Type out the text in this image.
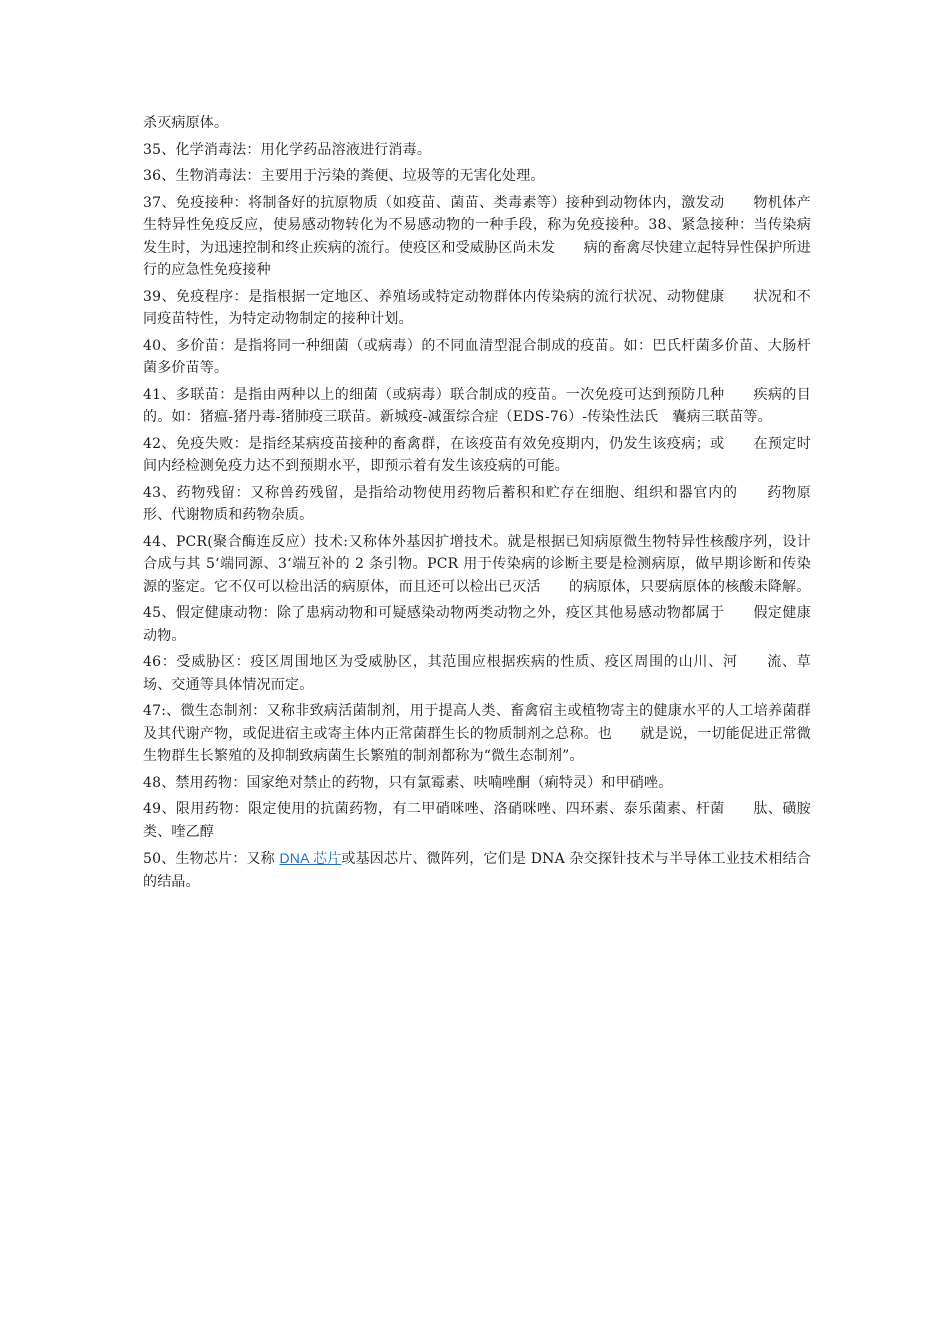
杀灭病原体。

35、化学消毒法：用化学药品溶液进行消毒。

36、生物消毒法：主要用于污染的粪便、垃圾等的无害化处理。

37、免疫接种：将制备好的抗原物质（如疫苗、菌苗、类毒素等）接种到动物体内，激发动　　物机体产生特异性免疫反应，使易感动物转化为不易感动物的一种手段，称为免疫接种。38、紧急接种：当传染病发生时，为迅速控制和终止疾病的流行。使疫区和受威胁区尚未发　　病的畜禽尽快建立起特异性保护所进行的应急性免疫接种

39、免疫程序：是指根据一定地区、养殖场或特定动物群体内传染病的流行状况、动物健康　　状况和不同疫苗特性，为特定动物制定的接种计划。

40、多价苗：是指将同一种细菌（或病毒）的不同血清型混合制成的疫苗。如：巴氏杆菌多价苗、大肠杆菌多价苗等。

41、多联苗：是指由两种以上的细菌（或病毒）联合制成的疫苗。一次免疫可达到预防几种　　疾病的目的。如：猪瘟-猪丹毒-猪肺疫三联苗。新城疫-减蛋综合症（EDS-76）-传染性法氏　囊病三联苗等。

42、免疫失败：是指经某病疫苗接种的畜禽群，在该疫苗有效免疫期内，仍发生该疫病；或　　在预定时间内经检测免疫力达不到预期水平，即预示着有发生该疫病的可能。

43、药物残留：又称兽药残留，是指给动物使用药物后蓄积和贮存在细胞、组织和器官内的　　药物原形、代谢物质和药物杂质。

44、PCR(聚合酶连反应）技术:又称体外基因扩增技术。就是根据已知病原微生物特异性核酸序列，设计合成与其 5‘端同源、3‘端互补的 2 条引物。PCR 用于传染病的诊断主要是检测病原，做早期诊断和传染源的鉴定。它不仅可以检出活的病原体，而且还可以检出已灭活　　的病原体，只要病原体的核酸未降解。

45、假定健康动物：除了患病动物和可疑感染动物两类动物之外，疫区其他易感动物都属于　　假定健康动物。

46：受威胁区：疫区周围地区为受威胁区，其范围应根据疾病的性质、疫区周围的山川、河　　流、草场、交通等具体情况而定。

47:、微生态制剂：又称非致病活菌制剂，用于提高人类、畜禽宿主或植物寄主的健康水平的人工培养菌群及其代谢产物，或促进宿主或寄主体内正常菌群生长的物质制剂之总称。也　　就是说，一切能促进正常微生物群生长繁殖的及抑制致病菌生长繁殖的制剂都称为“微生态制剂”。

48、禁用药物：国家绝对禁止的药物，只有氯霉素、呋喃唑酮（痢特灵）和甲硝唑。

49、限用药物：限定使用的抗菌药物，有二甲硝咪唑、洛硝咪唑、四环素、泰乐菌素、杆菌　　肽、磺胺类、喹乙醇

50、生物芯片：又称 DNA 芯片或基因芯片、微阵列，它们是 DNA 杂交探针技术与半导体工业技术相结合的结晶。
